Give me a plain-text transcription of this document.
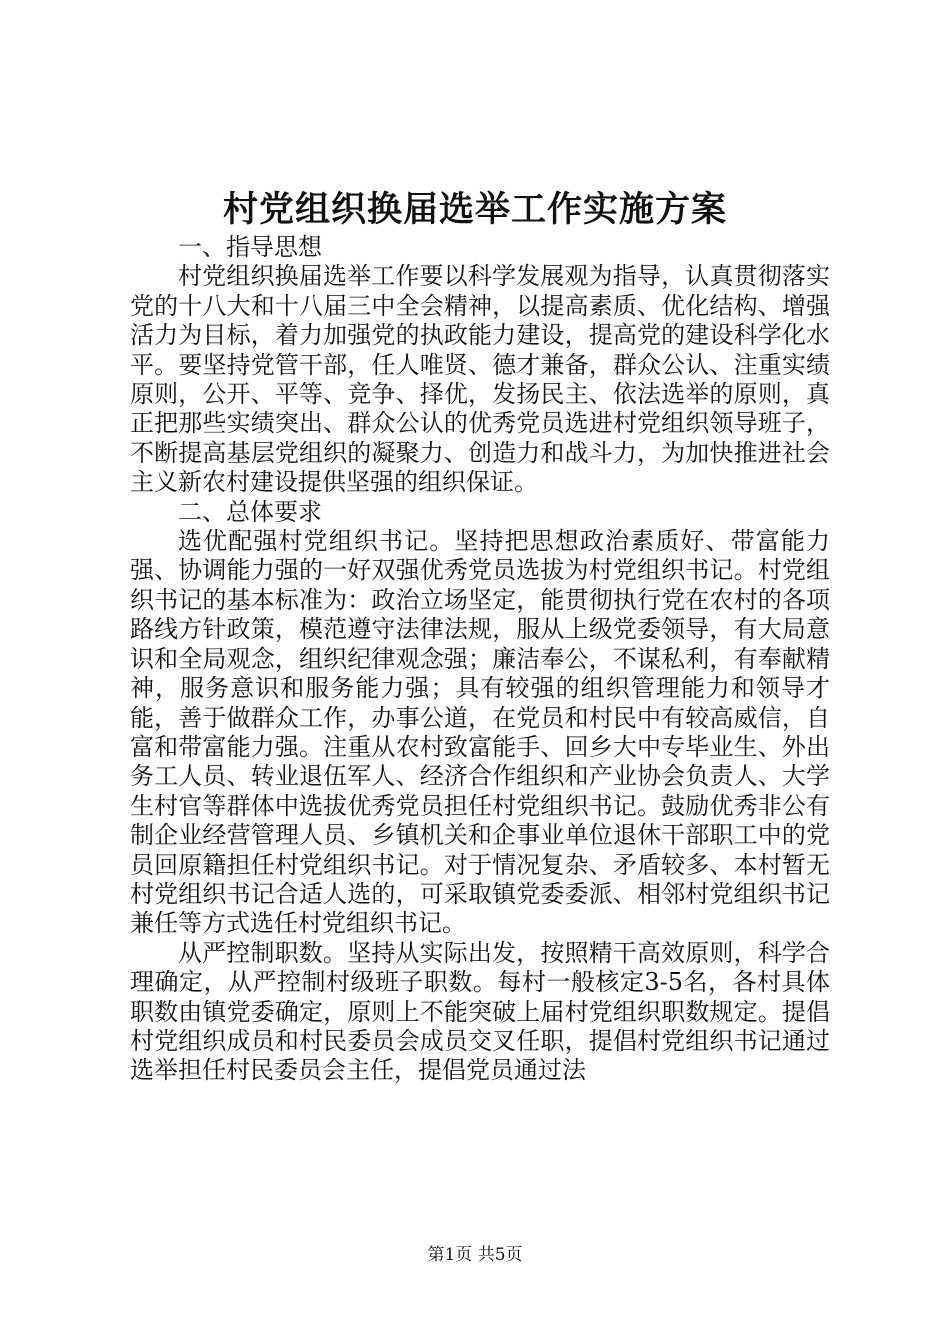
村党组织换届选举工作实施方案

一、指导思想

村党组织换届选举工作要以科学发展观为指导，认真贯彻落实党的十八大和十八届三中全会精神，以提高素质、优化结构、增强活力为目标，着力加强党的执政能力建设，提高党的建设科学化水平。要坚持党管干部，任人唯贤、德才兼备，群众公认、注重实绩原则，公开、平等、竞争、择优，发扬民主、依法选举的原则，真正把那些实绩突出、群众公认的优秀党员选进村党组织领导班子，不断提高基层党组织的凝聚力、创造力和战斗力，为加快推进社会主义新农村建设提供坚强的组织保证。

二、总体要求

选优配强村党组织书记。坚持把思想政治素质好、带富能力强、协调能力强的一好双强优秀党员选拔为村党组织书记。村党组织书记的基本标准为：政治立场坚定，能贯彻执行党在农村的各项路线方针政策，模范遵守法律法规，服从上级党委领导，有大局意识和全局观念，组织纪律观念强；廉洁奉公，不谋私利，有奉献精神，服务意识和服务能力强；具有较强的组织管理能力和领导才能，善于做群众工作，办事公道，在党员和村民中有较高威信，自富和带富能力强。注重从农村致富能手、回乡大中专毕业生、外出务工人员、转业退伍军人、经济合作组织和产业协会负责人、大学生村官等群体中选拔优秀党员担任村党组织书记。鼓励优秀非公有制企业经营管理人员、乡镇机关和企事业单位退休干部职工中的党员回原籍担任村党组织书记。对于情况复杂、矛盾较多、本村暂无村党组织书记合适人选的，可采取镇党委委派、相邻村党组织书记兼任等方式选任村党组织书记。

从严控制职数。坚持从实际出发，按照精干高效原则，科学合理确定，从严控制村级班子职数。每村一般核定3-5名，各村具体职数由镇党委确定，原则上不能突破上届村党组织职数规定。提倡村党组织成员和村民委员会成员交叉任职，提倡村党组织书记通过选举担任村民委员会主任，提倡党员通过法

第1页 共5页
